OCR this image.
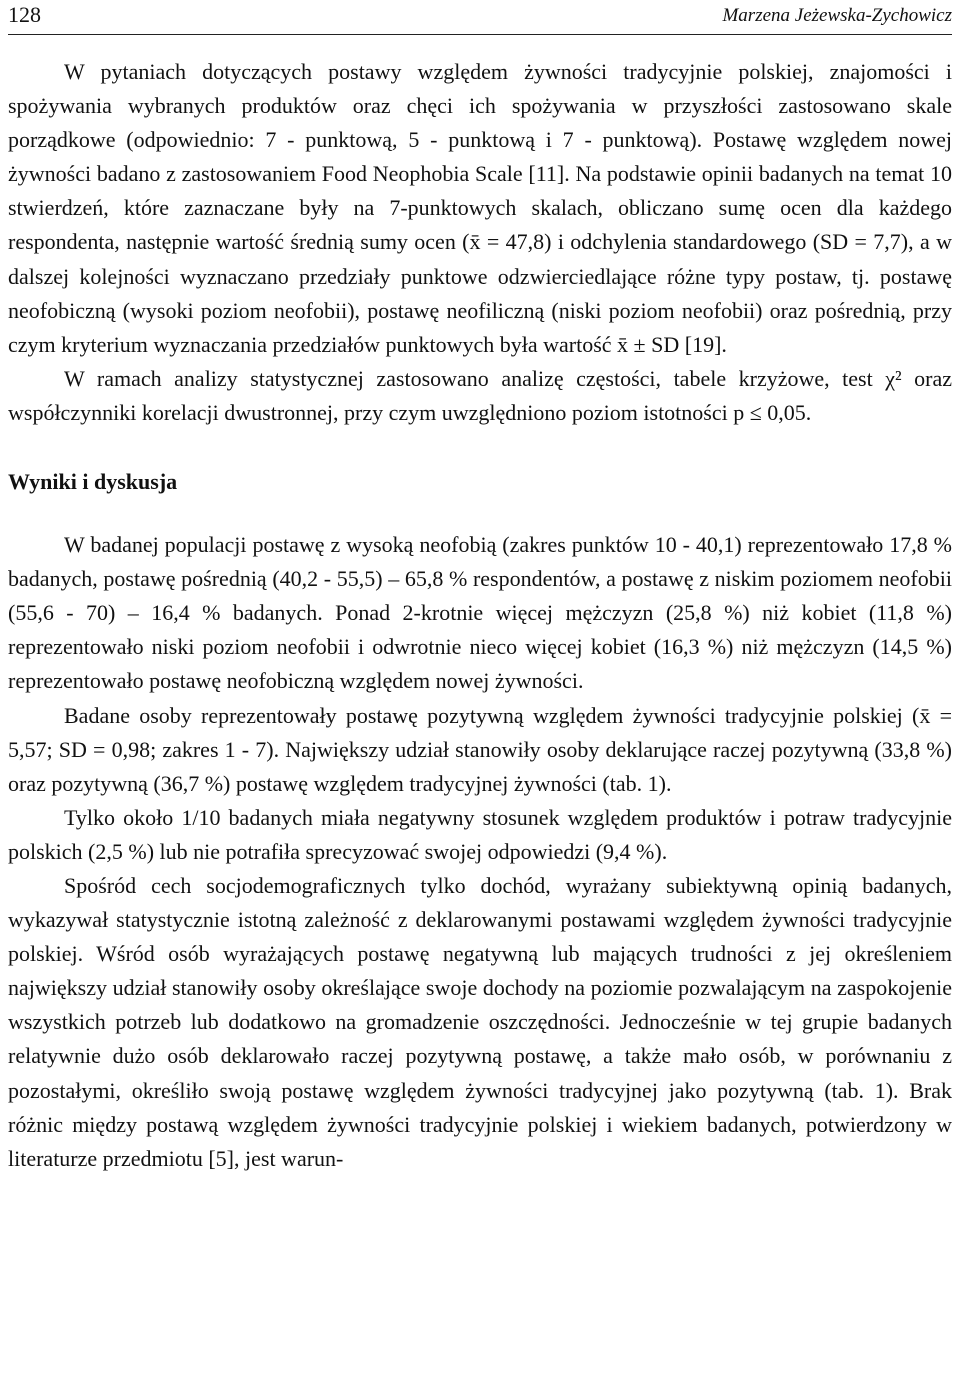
128	Marzena Jeżewska-Zychowicz

W pytaniach dotyczących postawy względem żywności tradycyjnie polskiej, znajomości i spożywania wybranych produktów oraz chęci ich spożywania w przyszłości zastosowano skale porządkowe (odpowiednio: 7 - punktową, 5 - punktową i 7 - punktową). Postawę względem nowej żywności badano z zastosowaniem Food Neophobia Scale [11]. Na podstawie opinii badanych na temat 10 stwierdzeń, które zaznaczane były na 7-punktowych skalach, obliczano sumę ocen dla każdego respondenta, następnie wartość średnią sumy ocen (x̄ = 47,8) i odchylenia standardowego (SD = 7,7), a w dalszej kolejności wyznaczano przedziały punktowe odzwierciedlające różne typy postaw, tj. postawę neofobiczną (wysoki poziom neofobii), postawę neofiliczną (niski poziom neofobii) oraz pośrednią, przy czym kryterium wyznaczania przedziałów punktowych była wartość x̄ ± SD [19].

W ramach analizy statystycznej zastosowano analizę częstości, tabele krzyżowe, test χ² oraz współczynniki korelacji dwustronnej, przy czym uwzględniono poziom istotności p ≤ 0,05.

Wyniki i dyskusja

W badanej populacji postawę z wysoką neofobią (zakres punktów 10 - 40,1) reprezentowało 17,8 % badanych, postawę pośrednią (40,2 - 55,5) – 65,8 % respondentów, a postawę z niskim poziomem neofobii (55,6 - 70) – 16,4 % badanych. Ponad 2-krotnie więcej mężczyzn (25,8 %) niż kobiet (11,8 %) reprezentowało niski poziom neofobii i odwrotnie nieco więcej kobiet (16,3 %) niż mężczyzn (14,5 %) reprezentowało postawę neofobiczną względem nowej żywności.

Badane osoby reprezentowały postawę pozytywną względem żywności tradycyjnie polskiej (x̄ = 5,57; SD = 0,98; zakres 1 - 7). Największy udział stanowiły osoby deklarujące raczej pozytywną (33,8 %) oraz pozytywną (36,7 %) postawę względem tradycyjnej żywności (tab. 1).

Tylko około 1/10 badanych miała negatywny stosunek względem produktów i potraw tradycyjnie polskich (2,5 %) lub nie potrafiła sprecyzować swojej odpowiedzi (9,4 %).

Spośród cech socjodemograficznych tylko dochód, wyrażany subiektywną opinią badanych, wykazywał statystycznie istotną zależność z deklarowanymi postawami względem żywności tradycyjnie polskiej. Wśród osób wyrażających postawę negatywną lub mających trudności z jej określeniem największy udział stanowiły osoby określające swoje dochody na poziomie pozwalającym na zaspokojenie wszystkich potrzeb lub dodatkowo na gromadzenie oszczędności. Jednocześnie w tej grupie badanych relatywnie dużo osób deklarowało raczej pozytywną postawę, a także mało osób, w porównaniu z pozostałymi, określiło swoją postawę względem żywności tradycyjnej jako pozytywną (tab. 1). Brak różnic między postawą względem żywności tradycyjnie polskiej i wiekiem badanych, potwierdzony w literaturze przedmiotu [5], jest warun-
